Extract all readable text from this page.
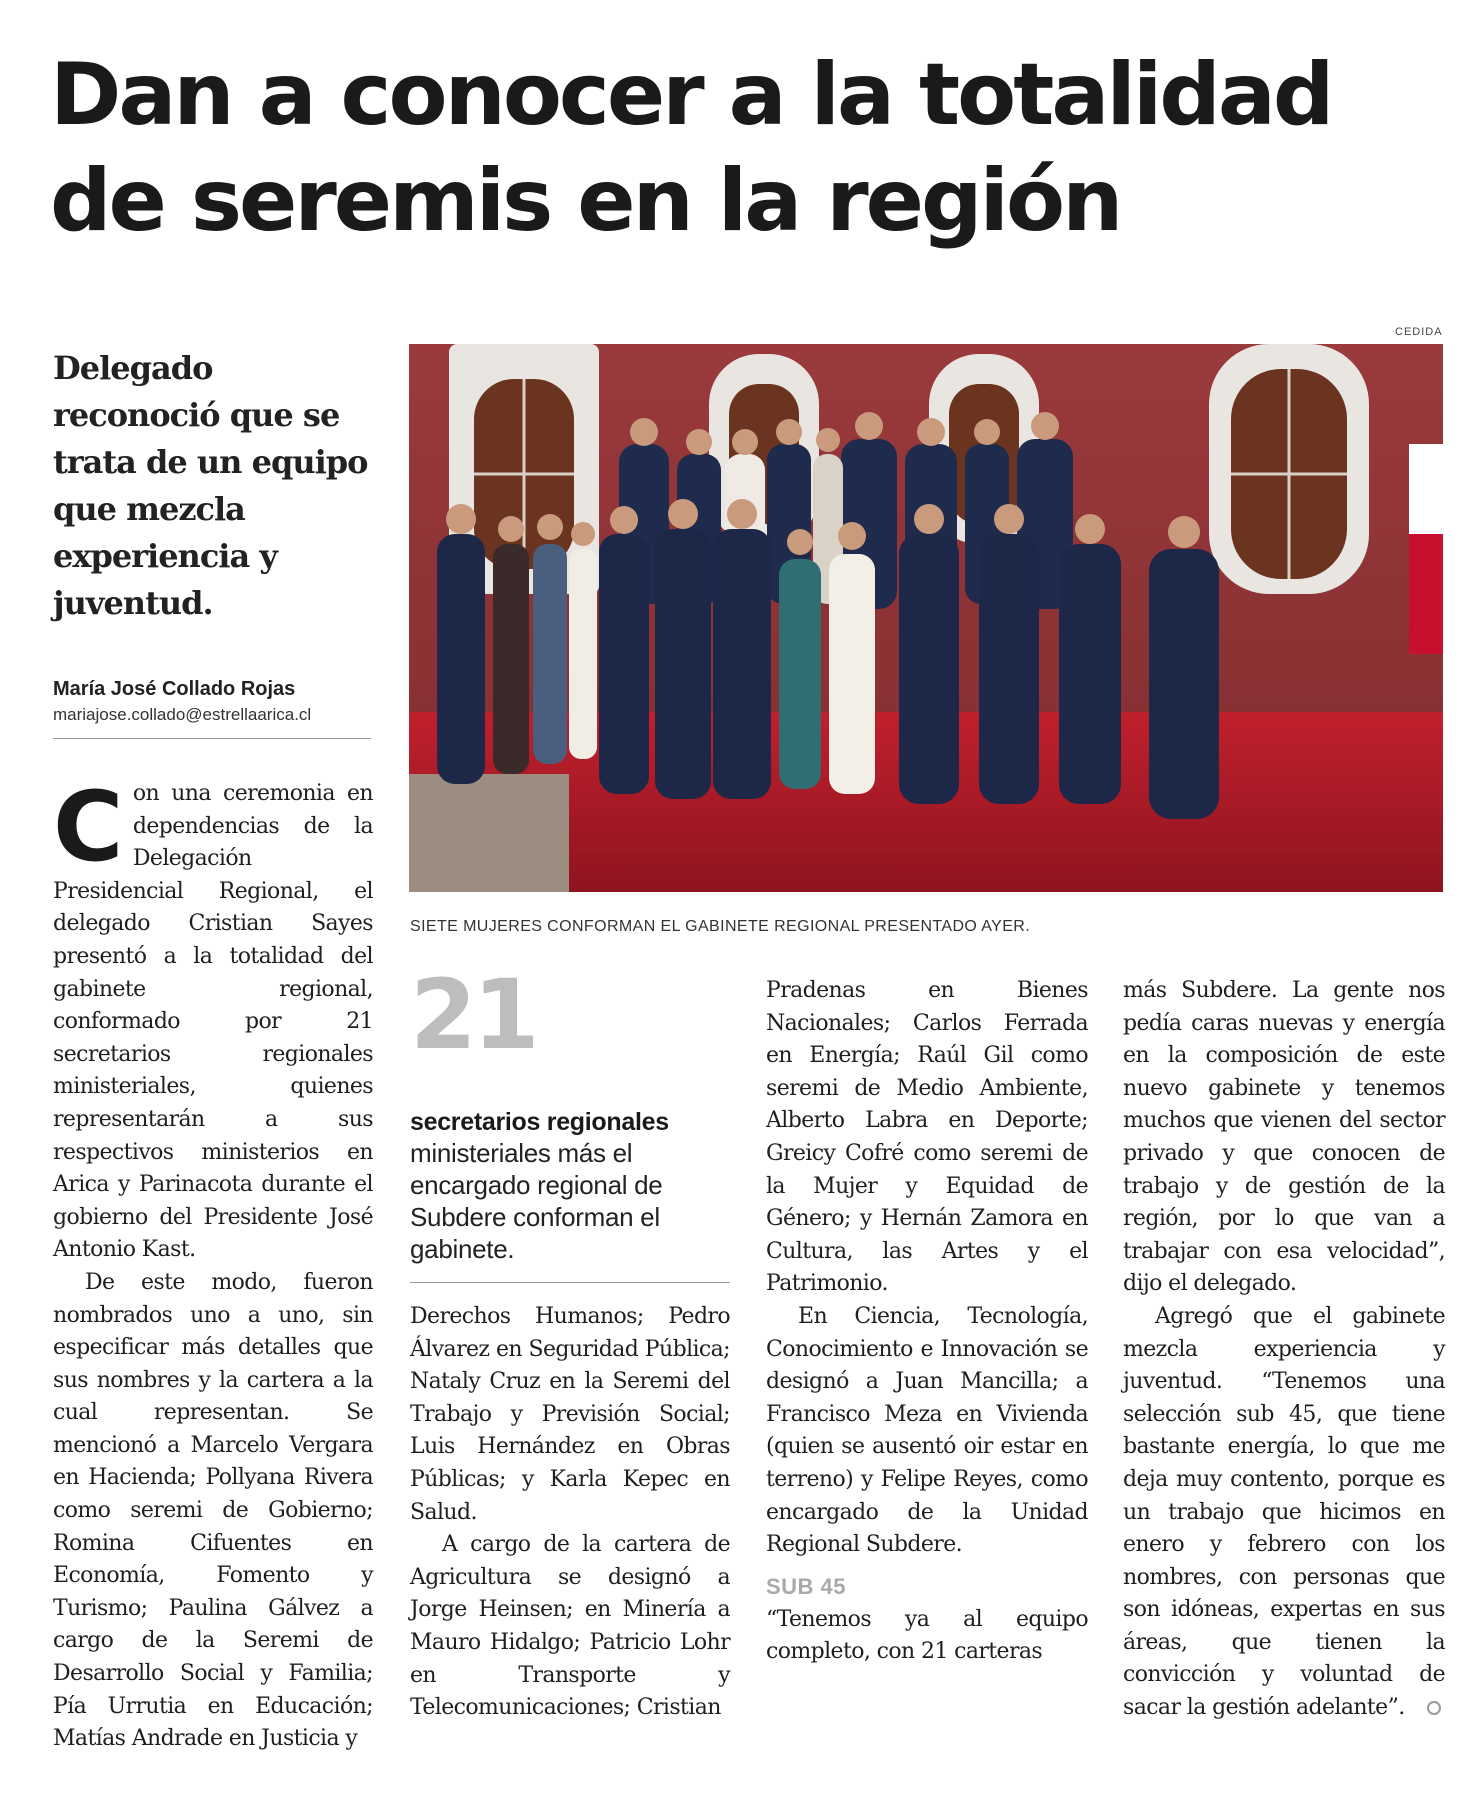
Dan a conocer a la totalidad
de seremis en la región

Delegado reconoció que se trata de un equipo que mezcla experiencia y juventud.

María José Collado Rojas
mariajose.collado@estrellaarica.cl
CEDIDA
SIETE MUJERES CONFORMAN EL GABINETE REGIONAL PRESENTADO AYER.

Con una ceremonia en dependencias de la Delegación Presidencial Regional, el delegado Cristian Sayes presentó a la totalidad del gabinete regional, conformado por 21 secretarios regionales ministeriales, quienes representarán a sus respectivos ministerios en Arica y Parinacota durante el gobierno del Presidente José Antonio Kast.

De este modo, fueron nombrados uno a uno, sin especificar más detalles que sus nombres y la cartera a la cual representan. Se mencionó a Marcelo Vergara en Hacienda; Pollyana Rivera como seremi de Gobierno; Romina Cifuentes en Economía, Fomento y Turismo; Paulina Gálvez a cargo de la Seremi de Desarrollo Social y Familia; Pía Urrutia en Educación; Matías Andrade en Justicia y

21
secretarios regionales

ministeriales más el encargado regional de Subdere conforman el gabinete.

Derechos Humanos; Pedro Álvarez en Seguridad Pública; Nataly Cruz en la Seremi del Trabajo y Previsión Social; Luis Hernández en Obras Públicas; y Karla Kepec en Salud.

A cargo de la cartera de Agricultura se designó a Jorge Heinsen; en Minería a Mauro Hidalgo; Patricio Lohr en Transporte y Telecomunicaciones; Cristian

Pradenas en Bienes Nacionales; Carlos Ferrada en Energía; Raúl Gil como seremi de Medio Ambiente, Alberto Labra en Deporte; Greicy Cofré como seremi de la Mujer y Equidad de Género; y Hernán Zamora en Cultura, las Artes y el Patrimonio.

En Ciencia, Tecnología, Conocimiento e Innovación se designó a Juan Mancilla; a Francisco Meza en Vivienda (quien se ausentó oir estar en terreno) y Felipe Reyes, como encargado de la Unidad Regional Subdere.

SUB 45

“Tenemos ya al equipo completo, con 21 carteras

más Subdere. La gente nos pedía caras nuevas y energía en la composición de este nuevo gabinete y tenemos muchos que vienen del sector privado y que conocen de trabajo y de gestión de la región, por lo que van a trabajar con esa velocidad”, dijo el delegado.

Agregó que el gabinete mezcla experiencia y juventud. “Tenemos una selección sub 45, que tiene bastante energía, lo que me deja muy contento, porque es un trabajo que hicimos en enero y febrero con los nombres, con personas que son idóneas, expertas en sus áreas, que tienen la convicción y voluntad de sacar la gestión adelante”.
